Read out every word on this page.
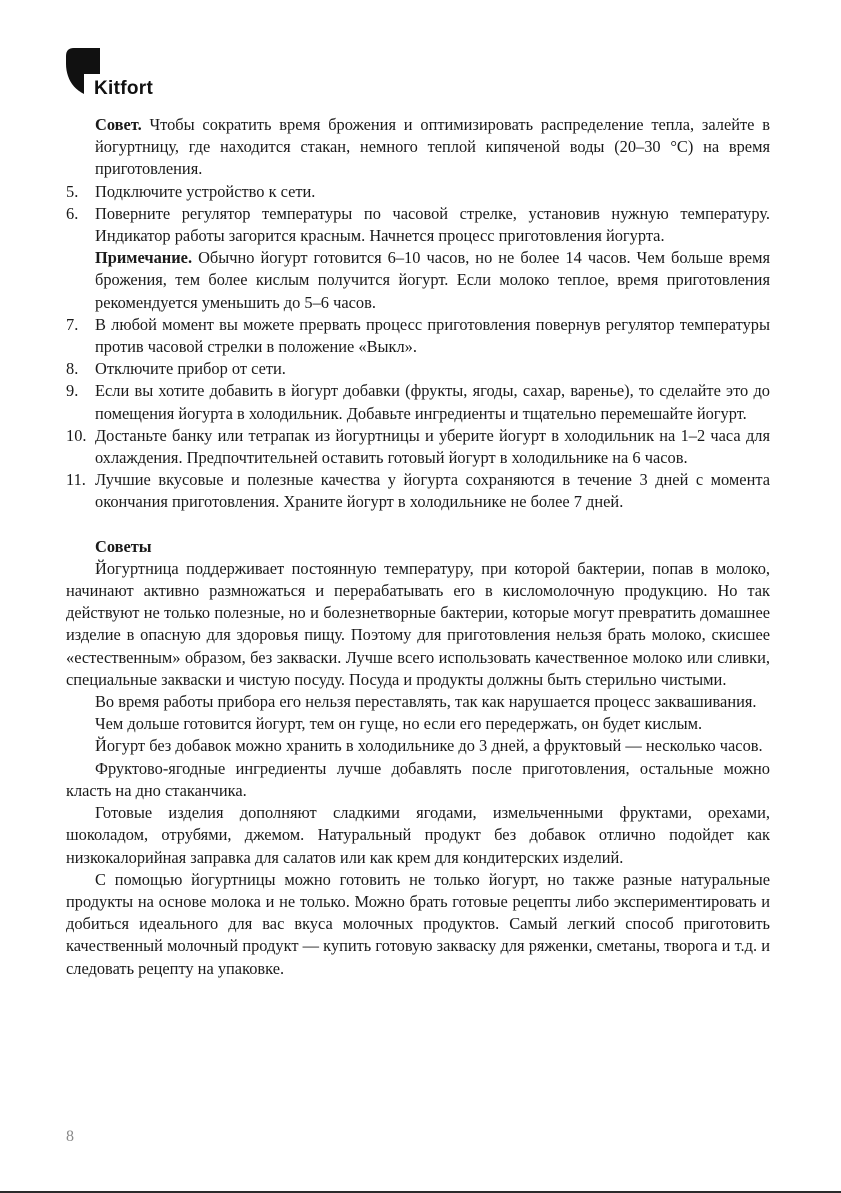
Kitfort
Совет. Чтобы сократить время брожения и оптимизировать распределение тепла, залейте в йогуртницу, где находится стакан, немного теплой кипяченой воды (20–30 °С) на время приготовления.
5. Подключите устройство к сети.
6. Поверните регулятор температуры по часовой стрелке, установив нужную температуру. Индикатор работы загорится красным. Начнется процесс приготовления йогурта.
Примечание. Обычно йогурт готовится 6–10 часов, но не более 14 часов. Чем больше время брожения, тем более кислым получится йогурт. Если молоко теплое, время приготовления рекомендуется уменьшить до 5–6 часов.
7. В любой момент вы можете прервать процесс приготовления повернув регулятор температуры против часовой стрелки в положение «Выкл».
8. Отключите прибор от сети.
9. Если вы хотите добавить в йогурт добавки (фрукты, ягоды, сахар, варенье), то сделайте это до помещения йогурта в холодильник. Добавьте ингредиенты и тщательно перемешайте йогурт.
10. Достаньте банку или тетрапак из йогуртницы и уберите йогурт в холодильник на 1–2 часа для охлаждения. Предпочтительней оставить готовый йогурт в холодильнике на 6 часов.
11. Лучшие вкусовые и полезные качества у йогурта сохраняются в течение 3 дней с момента окончания приготовления. Храните йогурт в холодильнике не более 7 дней.
Советы

Йогуртница поддерживает постоянную температуру, при которой бактерии, попав в молоко, начинают активно размножаться и перерабатывать его в кисломолочную продукцию. Но так действуют не только полезные, но и болезнетворные бактерии, которые могут превратить домашнее изделие в опасную для здоровья пищу. Поэтому для приготовления нельзя брать молоко, скисшее «естественным» образом, без закваски. Лучше всего использовать качественное молоко или сливки, специальные закваски и чистую посуду. Посуда и продукты должны быть стерильно чистыми.

Во время работы прибора его нельзя переставлять, так как нарушается процесс заквашивания.

Чем дольше готовится йогурт, тем он гуще, но если его передержать, он будет кислым.

Йогурт без добавок можно хранить в холодильнике до 3 дней, а фруктовый — несколько часов.

Фруктово-ягодные ингредиенты лучше добавлять после приготовления, остальные можно класть на дно стаканчика.

Готовые изделия дополняют сладкими ягодами, измельченными фруктами, орехами, шоколадом, отрубями, джемом. Натуральный продукт без добавок отлично подойдет как низкокалорийная заправка для салатов или как крем для кондитерских изделий.

С помощью йогуртницы можно готовить не только йогурт, но также разные натуральные продукты на основе молока и не только. Можно брать готовые рецепты либо экспериментировать и добиться идеального для вас вкуса молочных продуктов. Самый легкий способ приготовить качественный молочный продукт — купить готовую закваску для ряженки, сметаны, творога и т.д. и следовать рецепту на упаковке.

8
